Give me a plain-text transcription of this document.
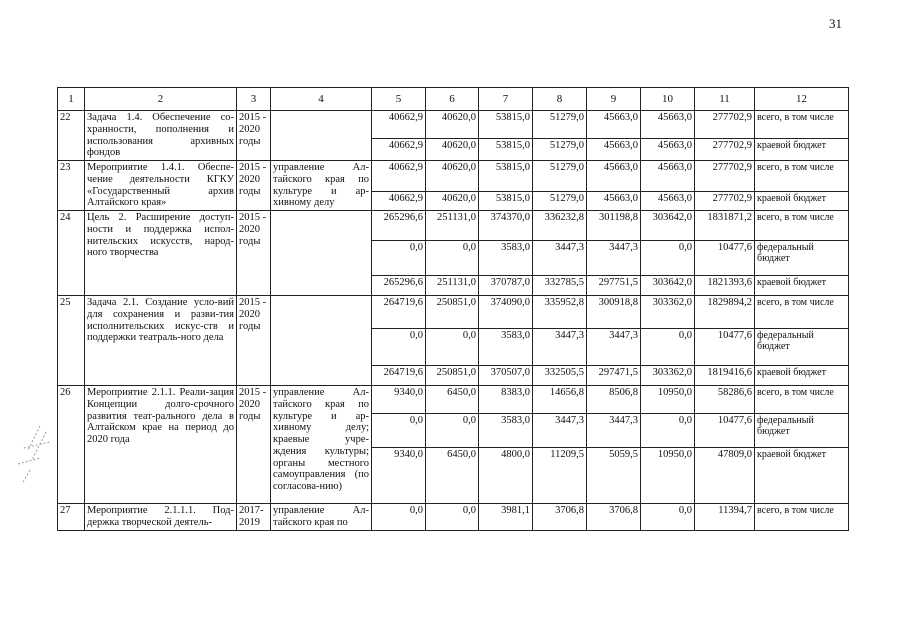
31
1	2	3	4	5	6	7	8	9	10	11	12
22	Задача 1.4. Обеспечение со-хранности, пополнения и использования архивных фондов	2015 - 2020 годы		40662,9	40620,0	53815,0	51279,0	45663,0	45663,0	277702,9	всего, в том числе
				40662,9	40620,0	53815,0	51279,0	45663,0	45663,0	277702,9	краевой бюджет
23	Мероприятие 1.4.1. Обеспе-чение деятельности КГКУ «Государственный архив Алтайского края»	2015 - 2020 годы	управление Ал-тайского края по культуре и ар-хивному делу	40662,9	40620,0	53815,0	51279,0	45663,0	45663,0	277702,9	всего, в том числе
				40662,9	40620,0	53815,0	51279,0	45663,0	45663,0	277702,9	краевой бюджет
24	Цель 2. Расширение доступ-ности и поддержка испол-нительских искусств, народ-ного творчества	2015 - 2020 годы		265296,6	251131,0	374370,0	336232,8	301198,8	303642,0	1831871,2	всего, в том числе
				0,0	0,0	3583,0	3447,3	3447,3	0,0	10477,6	федеральный бюджет
				265296,6	251131,0	370787,0	332785,5	297751,5	303642,0	1821393,6	краевой бюджет
25	Задача 2.1. Создание усло-вий для сохранения и разви-тия исполнительских искус-ств и поддержки театраль-ного дела	2015 - 2020 годы		264719,6	250851,0	374090,0	335952,8	300918,8	303362,0	1829894,2	всего, в том числе
				0,0	0,0	3583,0	3447,3	3447,3	0,0	10477,6	федеральный бюджет
				264719,6	250851,0	370507,0	332505,5	297471,5	303362,0	1819416,6	краевой бюджет
26	Мероприятие 2.1.1. Реали-зация Концепции долго-срочного развития теат-рального дела в Алтайском крае на период до 2020 года	2015 - 2020 годы	управление Ал-тайского края по культуре и ар-хивному делу; краевые учре-ждения культуры; органы местного самоуправления (по согласова-нию)	9340,0	6450,0	8383,0	14656,8	8506,8	10950,0	58286,6	всего, в том числе
				0,0	0,0	3583,0	3447,3	3447,3	0,0	10477,6	федеральный бюджет
				9340,0	6450,0	4800,0	11209,5	5059,5	10950,0	47809,0	краевой бюджет
27	Мероприятие 2.1.1.1. Под-держка творческой деятель-	2017- 2019	управление Ал-тайского края по	0,0	0,0	3981,1	3706,8	3706,8	0,0	11394,7	всего, в том числе
